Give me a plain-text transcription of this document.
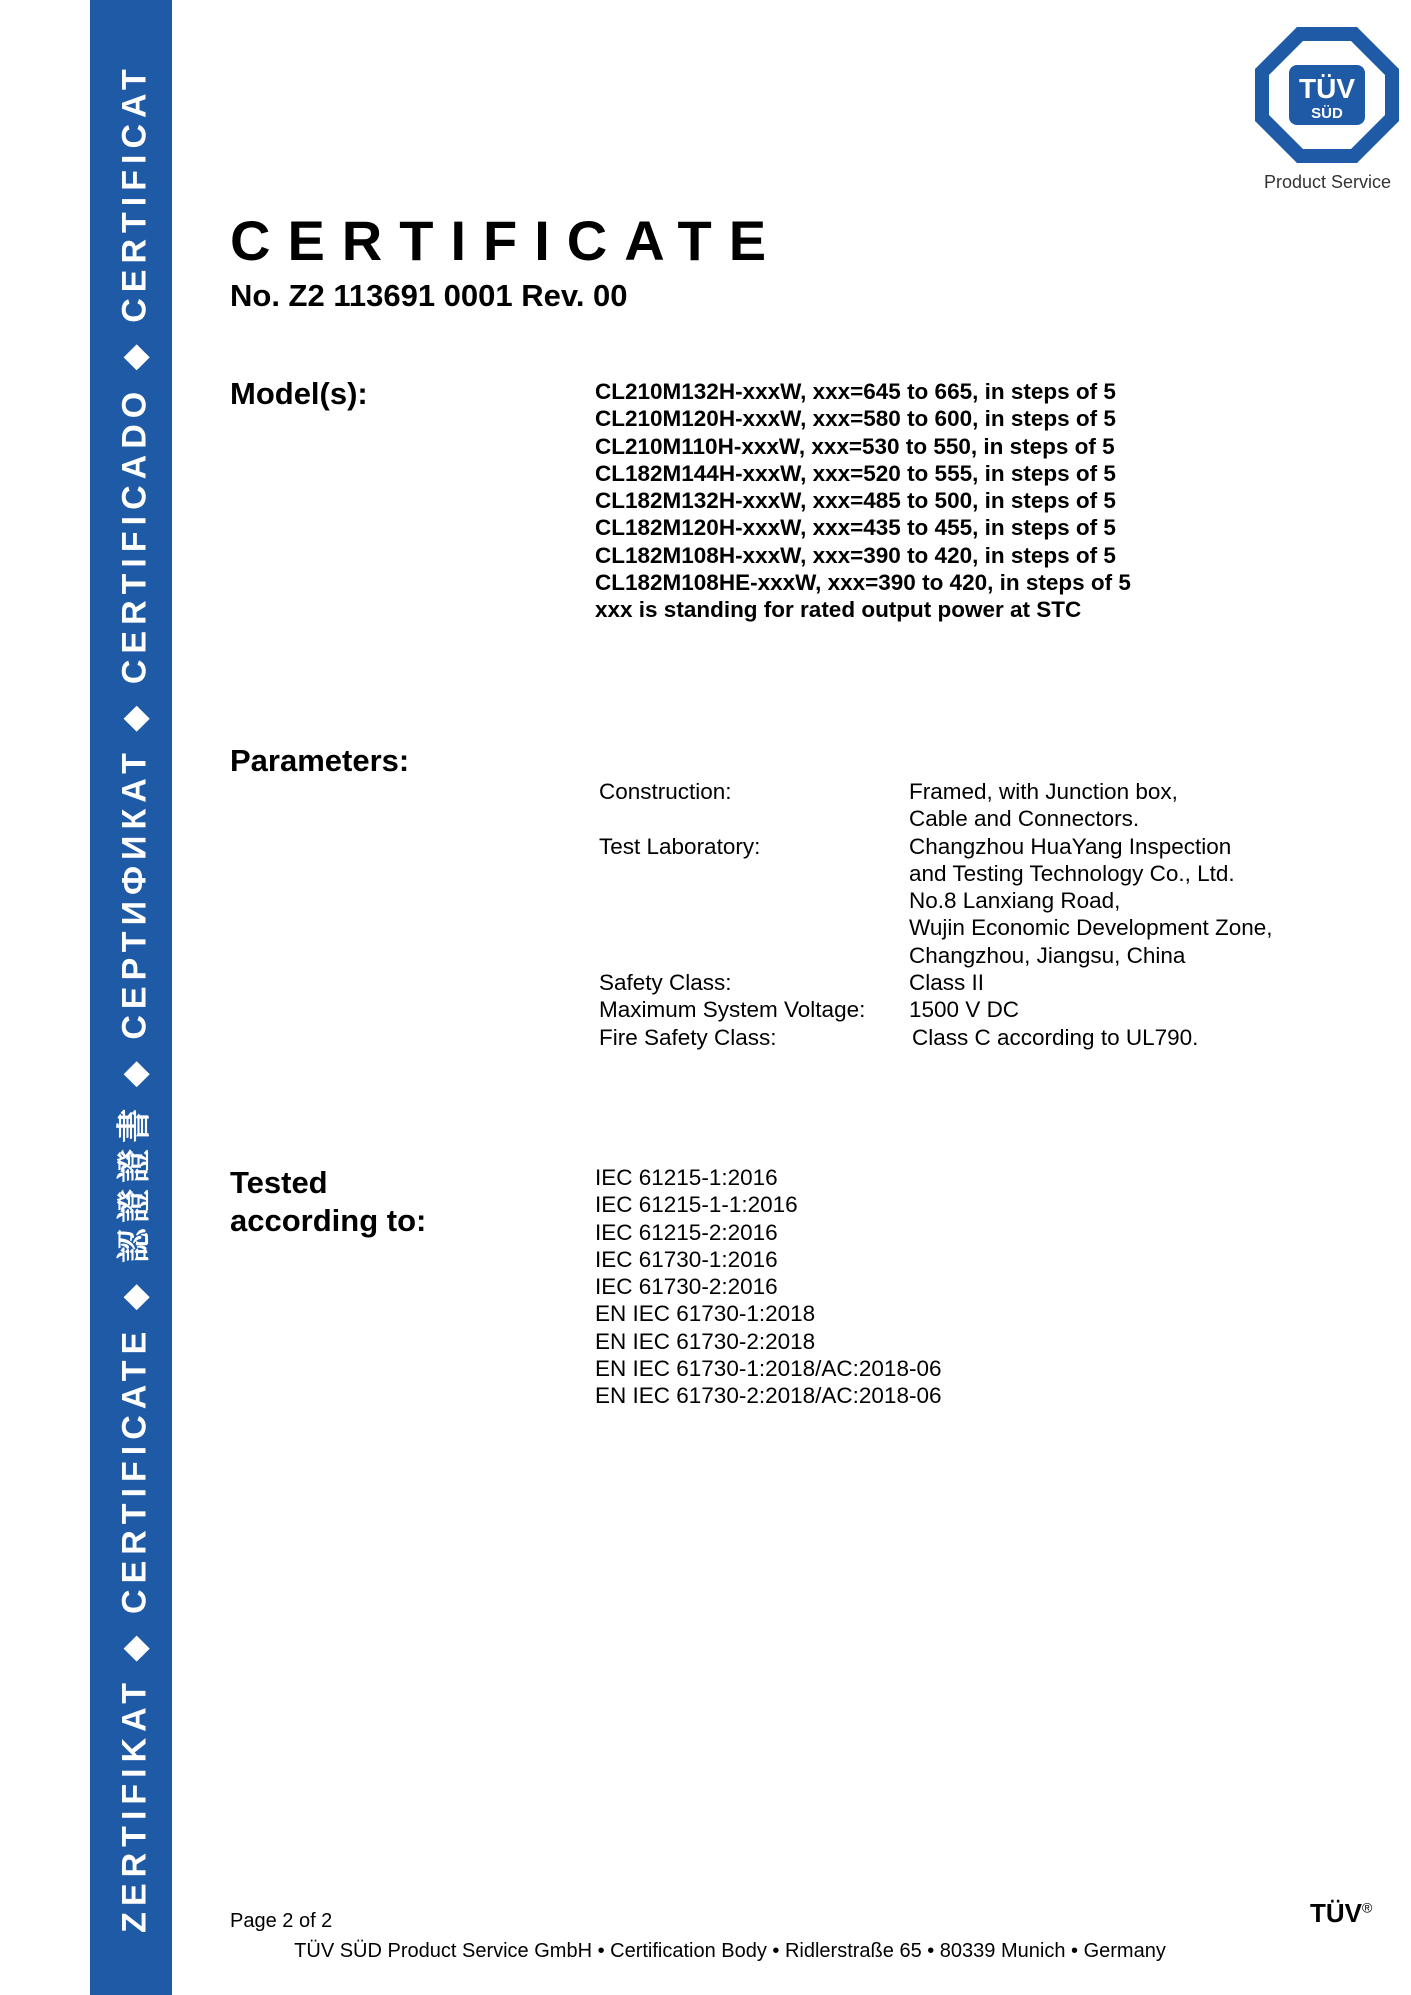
ZERTIFIKAT ◆ CERTIFICATE ◆ 認證證書 ◆ СЕРТИФИКАТ ◆ CERTIFICADO ◆ CERTIFICAT	TÜV
SÜD
Product Service
CERTIFICATE
No. Z2 113691 0001 Rev. 00
Model(s):	CL210M132H-xxxW, xxx=645 to 665, in steps of 5
CL210M120H-xxxW, xxx=580 to 600, in steps of 5
CL210M110H-xxxW, xxx=530 to 550, in steps of 5
CL182M144H-xxxW, xxx=520 to 555, in steps of 5
CL182M132H-xxxW, xxx=485 to 500, in steps of 5
CL182M120H-xxxW, xxx=435 to 455, in steps of 5
CL182M108H-xxxW, xxx=390 to 420, in steps of 5
CL182M108HE-xxxW, xxx=390 to 420, in steps of 5
xxx is standing for rated output power at STC
Parameters:
Construction:	Framed, with Junction box,
Cable and Connectors.
Test Laboratory:	Changzhou HuaYang Inspection
and Testing Technology Co., Ltd.
No.8 Lanxiang Road,
Wujin Economic Development Zone,
Changzhou, Jiangsu, China
Safety Class:	Class II
Maximum System Voltage:	1500 V DC
Fire Safety Class:	Class C according to UL790.
Tested
according to:
IEC 61215-1:2016
IEC 61215-1-1:2016
IEC 61215-2:2016
IEC 61730-1:2016
IEC 61730-2:2016
EN IEC 61730-1:2018
EN IEC 61730-2:2018
EN IEC 61730-1:2018/AC:2018-06
EN IEC 61730-2:2018/AC:2018-06
Page 2 of 2
TÜV SÜD Product Service GmbH • Certification Body • Ridlerstraße 65 • 80339 Munich • Germany
TÜV®
